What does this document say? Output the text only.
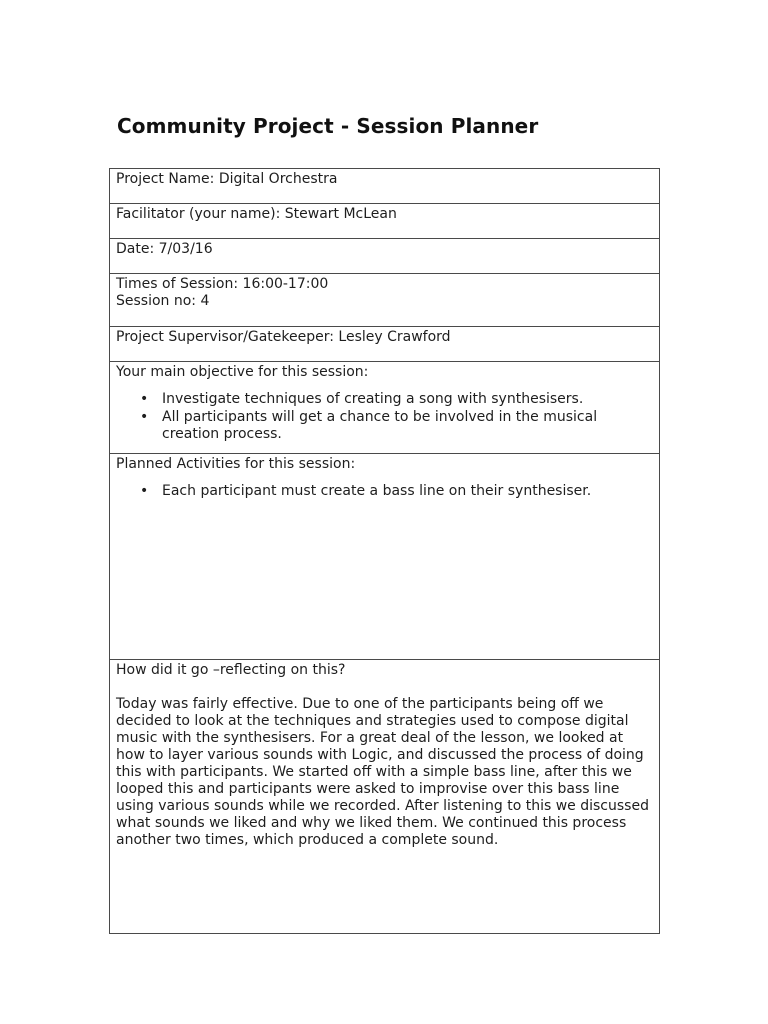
Community Project - Session Planner
Project Name: Digital Orchestra
Facilitator (your name): Stewart McLean
Date: 7/03/16

Times of Session: 16:00-17:00
Session no: 4

Project Supervisor/Gatekeeper: Lesley Crawford

Your main objective for this session:
• Investigate techniques of creating a song with synthesisers.
• All participants will get a chance to be involved in the musical creation process.

Planned Activities for this session:
• Each participant must create a bass line on their synthesiser.

How did it go –reflecting on this?
Today was fairly effective. Due to one of the participants being off we decided to look at the techniques and strategies used to compose digital music with the synthesisers. For a great deal of the lesson, we looked at how to layer various sounds with Logic, and discussed the process of doing this with participants. We started off with a simple bass line, after this we looped this and participants were asked to improvise over this bass line using various sounds while we recorded. After listening to this we discussed what sounds we liked and why we liked them. We continued this process another two times, which produced a complete sound.
